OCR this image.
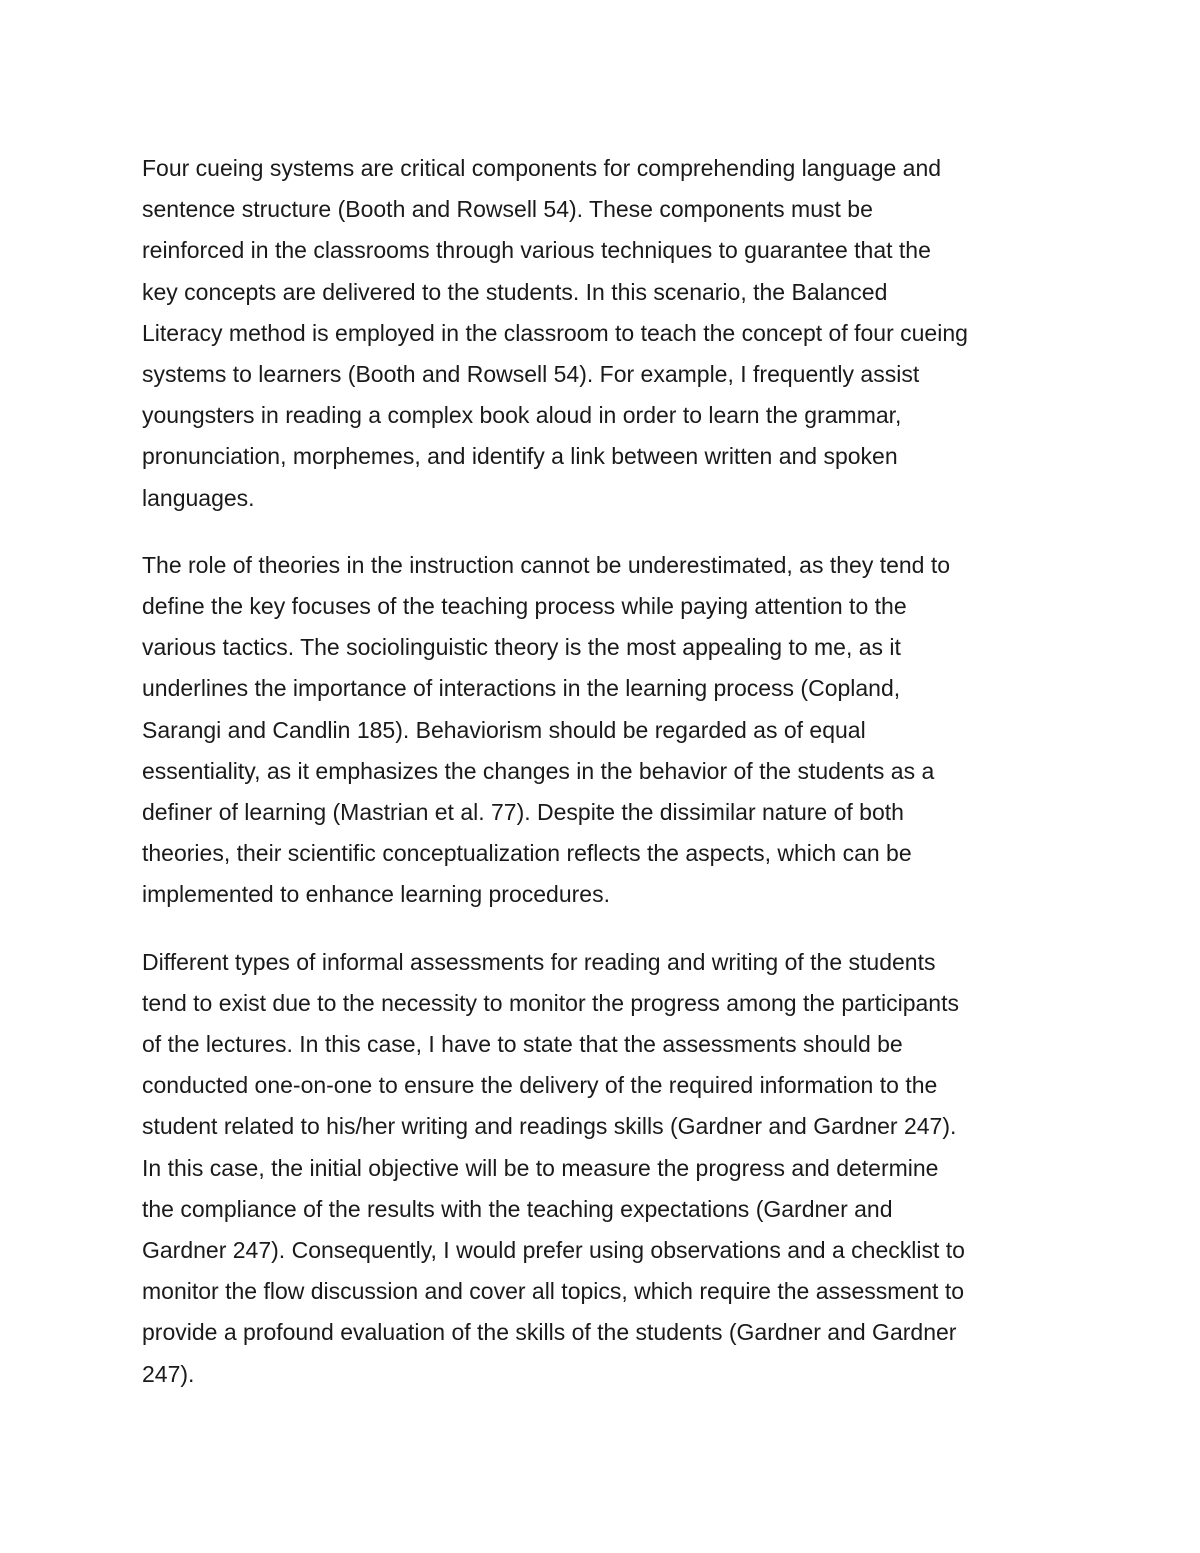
Four cueing systems are critical components for comprehending language and
sentence structure (Booth and Rowsell 54). These components must be
reinforced in the classrooms through various techniques to guarantee that the
key concepts are delivered to the students. In this scenario, the Balanced
Literacy method is employed in the classroom to teach the concept of four cueing
systems to learners (Booth and Rowsell 54). For example, I frequently assist
youngsters in reading a complex book aloud in order to learn the grammar,
pronunciation, morphemes, and identify a link between written and spoken
languages.

The role of theories in the instruction cannot be underestimated, as they tend to
define the key focuses of the teaching process while paying attention to the
various tactics. The sociolinguistic theory is the most appealing to me, as it
underlines the importance of interactions in the learning process (Copland,
Sarangi and Candlin 185). Behaviorism should be regarded as of equal
essentiality, as it emphasizes the changes in the behavior of the students as a
definer of learning (Mastrian et al. 77). Despite the dissimilar nature of both
theories, their scientific conceptualization reflects the aspects, which can be
implemented to enhance learning procedures.

Different types of informal assessments for reading and writing of the students
tend to exist due to the necessity to monitor the progress among the participants
of the lectures. In this case, I have to state that the assessments should be
conducted one-on-one to ensure the delivery of the required information to the
student related to his/her writing and readings skills (Gardner and Gardner 247).
In this case, the initial objective will be to measure the progress and determine
the compliance of the results with the teaching expectations (Gardner and
Gardner 247). Consequently, I would prefer using observations and a checklist to
monitor the flow discussion and cover all topics, which require the assessment to
provide a profound evaluation of the skills of the students (Gardner and Gardner
247).
